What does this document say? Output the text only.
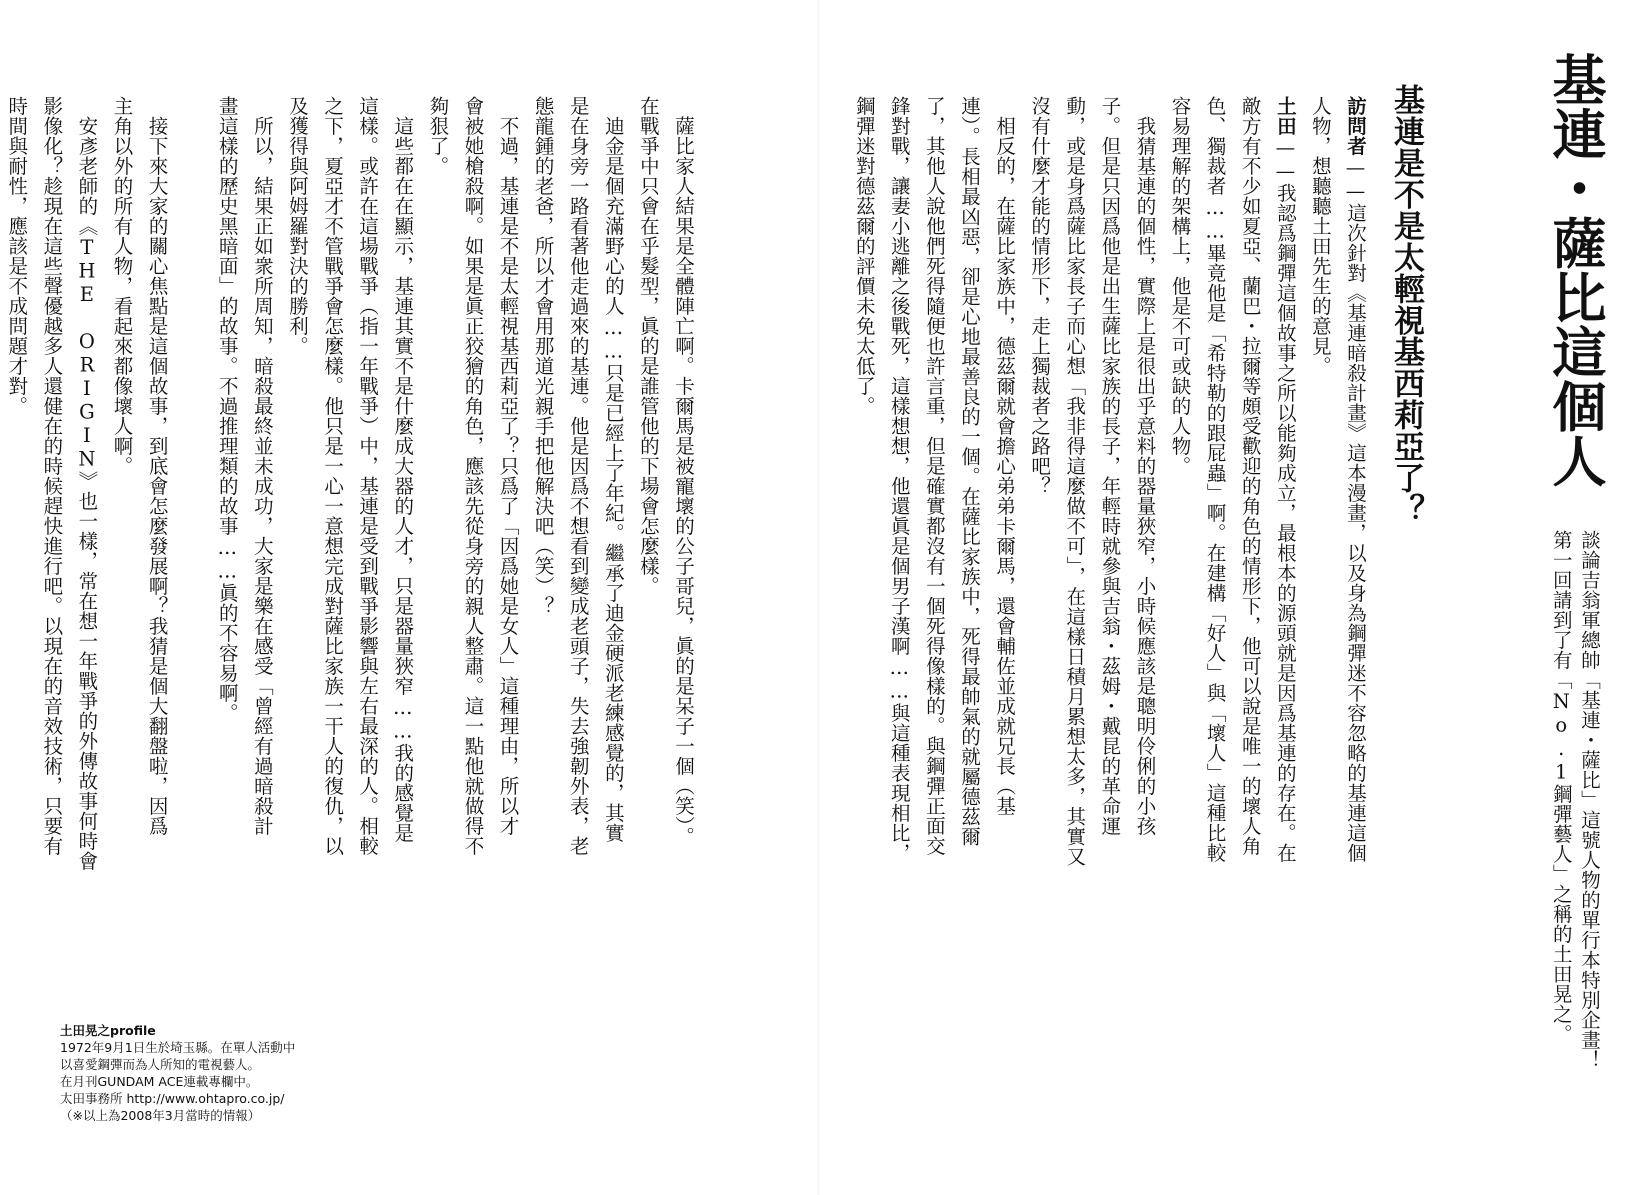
基連・薩比這個人
談論吉翁軍總帥「基連・薩比」這號人物的單行本特別企畫！
第一回請到了有「No.1鋼彈藝人」之稱的土田晃之。
基連是不是太輕視基西莉亞了？
訪問者——這次針對《基連暗殺計畫》這本漫畫，以及身為鋼彈迷不容忽略的基連這個
人物，想聽聽土田先生的意見。
土田——我認爲鋼彈這個故事之所以能夠成立，最根本的源頭就是因爲基連的存在。在
敵方有不少如夏亞、蘭巴・拉爾等頗受歡迎的角色的情形下，他可以說是唯一的壞人角
色、獨裁者……畢竟他是「希特勒的跟屁蟲」啊。在建構「好人」與「壞人」這種比較
容易理解的架構上，他是不可或缺的人物。
　我猜基連的個性，實際上是很出乎意料的器量狹窄，小時候應該是聰明伶俐的小孩
子。但是只因爲他是出生薩比家族的長子，年輕時就參與吉翁・茲姆・戴昆的革命運
動，或是身爲薩比家長子而心想「我非得這麼做不可」，在這樣日積月累想太多，其實又
沒有什麼才能的情形下，走上獨裁者之路吧？
　相反的，在薩比家族中，德茲爾就會擔心弟弟卡爾馬，還會輔佐並成就兄長（基
連）。長相最凶惡，卻是心地最善良的一個。在薩比家族中，死得最帥氣的就屬德茲爾
了，其他人說他們死得隨便也許言重，但是確實都沒有一個死得像樣的。與鋼彈正面交
鋒對戰，讓妻小逃離之後戰死，這樣想想，他還眞是個男子漢啊……與這種表現相比，
鋼彈迷對德茲爾的評價未免太低了。
　薩比家人結果是全體陣亡啊。卡爾馬是被寵壞的公子哥兒，眞的是呆子一個（笑）。
在戰爭中只會在乎髮型，眞的是誰管他的下場會怎麼樣。
　迪金是個充滿野心的人……只是已經上了年紀。繼承了迪金硬派老練感覺的，其實
是在身旁一路看著他走過來的基連。他是因爲不想看到變成老頭子，失去強韌外表，老
態龍鍾的老爸，所以才會用那道光親手把他解決吧（笑）？
　不過，基連是不是太輕視基西莉亞了？只爲了「因爲她是女人」這種理由，所以才
會被她槍殺啊。如果是眞正狡獪的角色，應該先從身旁的親人整肅。這一點他就做得不
夠狠了。
　這些都在在顯示，基連其實不是什麼成大器的人才，只是器量狹窄……我的感覺是
這樣。或許在這場戰爭（指一年戰爭）中，基連是受到戰爭影響與左右最深的人。相較
之下，夏亞才不管戰爭會怎麼樣。他只是一心一意想完成對薩比家族一干人的復仇，以
及獲得與阿姆羅對決的勝利。
　所以，結果正如衆所周知，暗殺最終並未成功，大家是樂在感受「曾經有過暗殺計
畫這樣的歷史黑暗面」的故事。不過推理類的故事……眞的不容易啊。

　接下來大家的關心焦點是這個故事，到底會怎麼發展啊？我猜是個大翻盤啦，因爲
主角以外的所有人物，看起來都像壞人啊。
　安彥老師的《THE ORIGIN》也一樣，常在想一年戰爭的外傳故事何時會
影像化？趁現在這些聲優越多人還健在的時候趕快進行吧。以現在的音效技術，只要有
時間與耐性，應該是不成問題才對。

土田晃之profile
1972年9月1日生於埼玉縣。在單人活動中
以喜愛鋼彈而為人所知的電視藝人。
在月刊GUNDAM ACE連載專欄中。
太田事務所 http://www.ohtapro.co.jp/
（※以上為2008年3月當時的情報）
